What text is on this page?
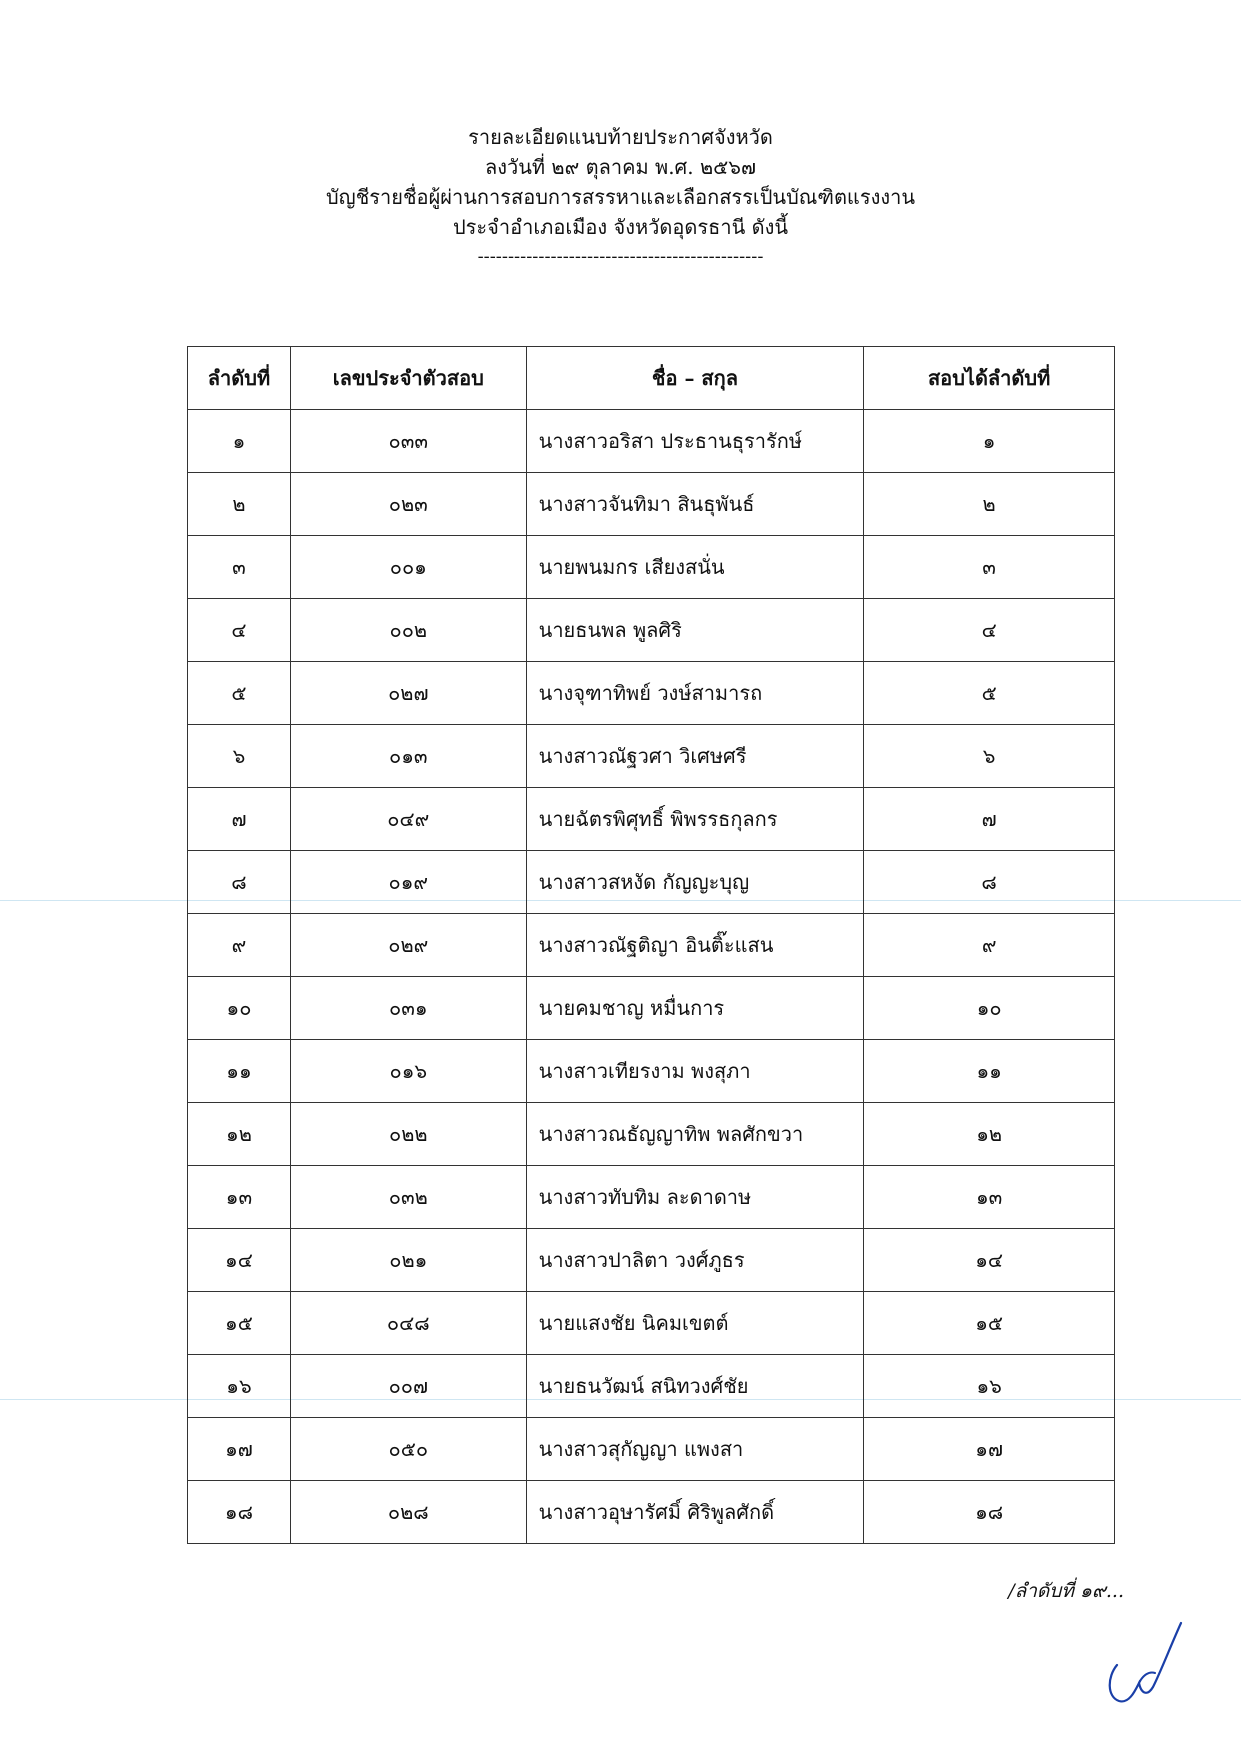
รายละเอียดแนบท้ายประกาศจังหวัด
ลงวันที่ ๒๙ ตุลาคม พ.ศ. ๒๕๖๗
บัญชีรายชื่อผู้ผ่านการสอบการสรรหาและเลือกสรรเป็นบัณฑิตแรงงาน
ประจำอำเภอเมือง จังหวัดอุดรธานี ดังนี้
-----------------------------------------------
ลำดับที่	เลขประจำตัวสอบ	ชื่อ – สกุล	สอบได้ลำดับที่
๑	๐๓๓	นางสาวอริสา ประธานธุรารักษ์	๑
๒	๐๒๓	นางสาวจันทิมา สินธุพันธ์	๒
๓	๐๐๑	นายพนมกร เสียงสนั่น	๓
๔	๐๐๒	นายธนพล พูลศิริ	๔
๕	๐๒๗	นางจุฑาทิพย์ วงษ์สามารถ	๕
๖	๐๑๓	นางสาวณัฐวศา วิเศษศรี	๖
๗	๐๔๙	นายฉัตรพิศุทธิ์ พิพรรธกุลกร	๗
๘	๐๑๙	นางสาวสหงัด กัญญะบุญ	๘
๙	๐๒๙	นางสาวณัฐติญา อินติ๊ะแสน	๙
๑๐	๐๓๑	นายคมชาญ หมื่นการ	๑๐
๑๑	๐๑๖	นางสาวเทียรงาม พงสุภา	๑๑
๑๒	๐๒๒	นางสาวณธัญญาทิพ พลศักขวา	๑๒
๑๓	๐๓๒	นางสาวทับทิม ละดาดาษ	๑๓
๑๔	๐๒๑	นางสาวปาลิตา วงศ์ภูธร	๑๔
๑๕	๐๔๘	นายแสงชัย นิคมเขตต์	๑๕
๑๖	๐๐๗	นายธนวัฒน์ สนิทวงศ์ชัย	๑๖
๑๗	๐๕๐	นางสาวสุกัญญา แพงสา	๑๗
๑๘	๐๒๘	นางสาวอุษารัศมิ์ ศิริพูลศักดิ์	๑๘
/ลำดับที่ ๑๙...
